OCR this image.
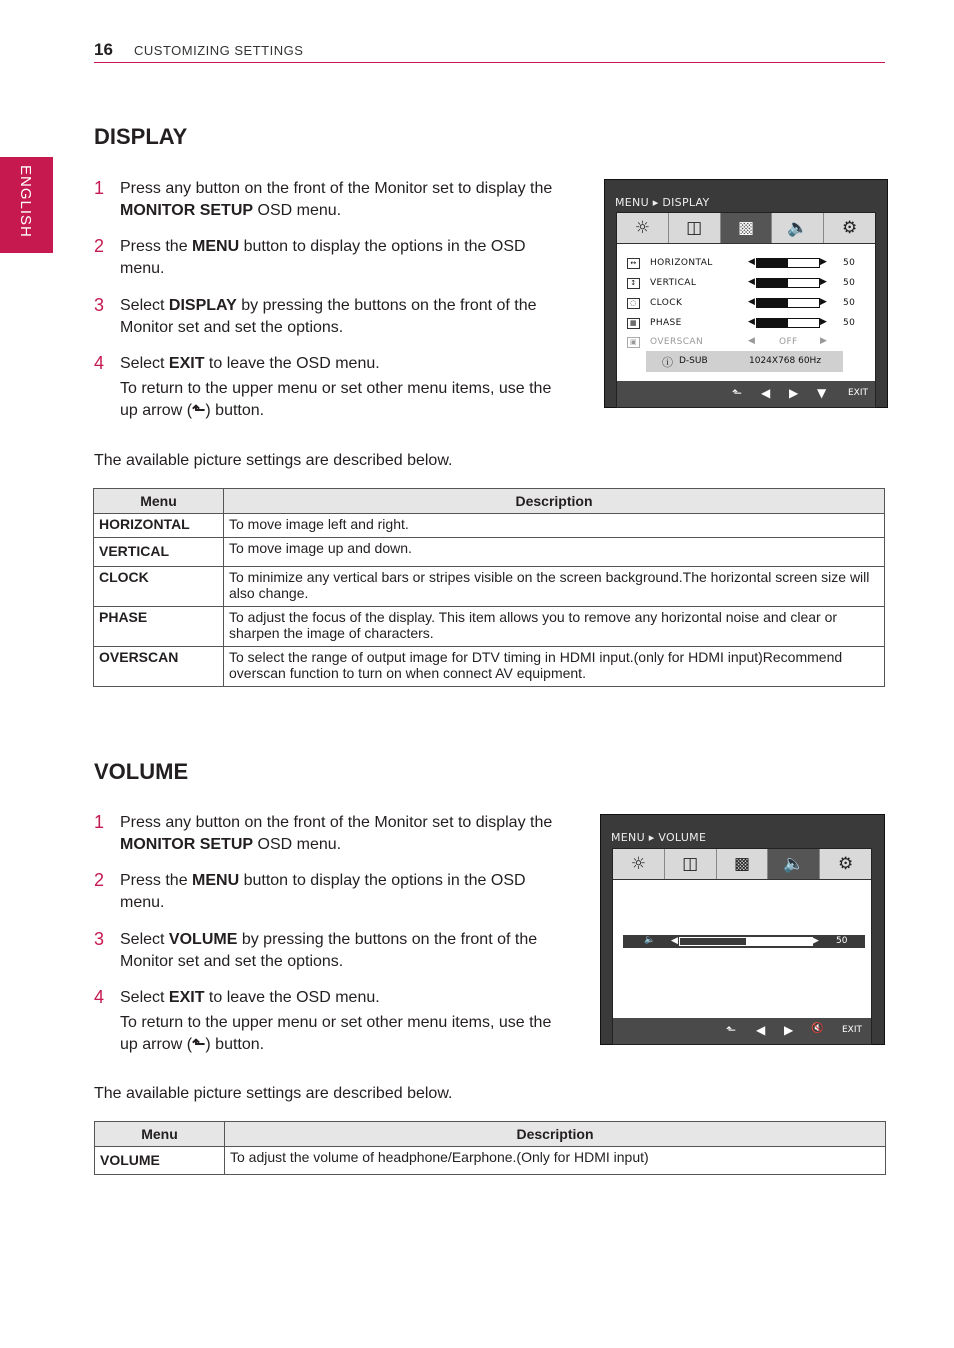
16 CUSTOMIZING SETTINGS
ENGLISH
DISPLAY
1 Press any button on the front of the Monitor set to display the MONITOR SETUP OSD menu.
2 Press the MENU button to display the options in the OSD menu.
3 Select DISPLAY by pressing the buttons on the front of the Monitor set and set the options.
4 Select EXIT to leave the OSD menu.
To return to the upper menu or set other menu items, use the up arrow (⬑) button.
MENU ▸ DISPLAY
☼	◫	▩	🔈	⚙
↔	HORIZONTAL	◀	▶ 50
↕	VERTICAL	◀	▶ 50
◌	CLOCK	◀	▶ 50
▦	PHASE	◀	▶ 50
▣	OVERSCAN	◀	OFF ▶
ⓘ D-SUB	1024X768 60Hz
⬑ ◀ ▶ ▼ EXIT
The available picture settings are described below.
Menu	Description
HORIZONTAL	To move image left and right.
VERTICAL	To move image up and down.
CLOCK	To minimize any vertical bars or stripes visible on the screen background.The horizontal screen size will also change.
PHASE	To adjust the focus of the display. This item allows you to remove any horizontal noise and clear or sharpen the image of characters.
OVERSCAN	To select the range of output image for DTV timing in HDMI input.(only for HDMI input)Recommend overscan function to turn on when connect AV equipment.
VOLUME
1 Press any button on the front of the Monitor set to display the MONITOR SETUP OSD menu.
2 Press the MENU button to display the options in the OSD menu.
3 Select VOLUME by pressing the buttons on the front of the Monitor set and set the options.
4 Select EXIT to leave the OSD menu.
To return to the upper menu or set other menu items, use the up arrow (⬑) button.
MENU ▸ VOLUME
☼	◫	▩	🔈	⚙
🔈 ◀	▶ 50
⬑ ◀ ▶ 🔇 EXIT
The available picture settings are described below.
Menu	Description
VOLUME	To adjust the volume of headphone/Earphone.(Only for HDMI input)
